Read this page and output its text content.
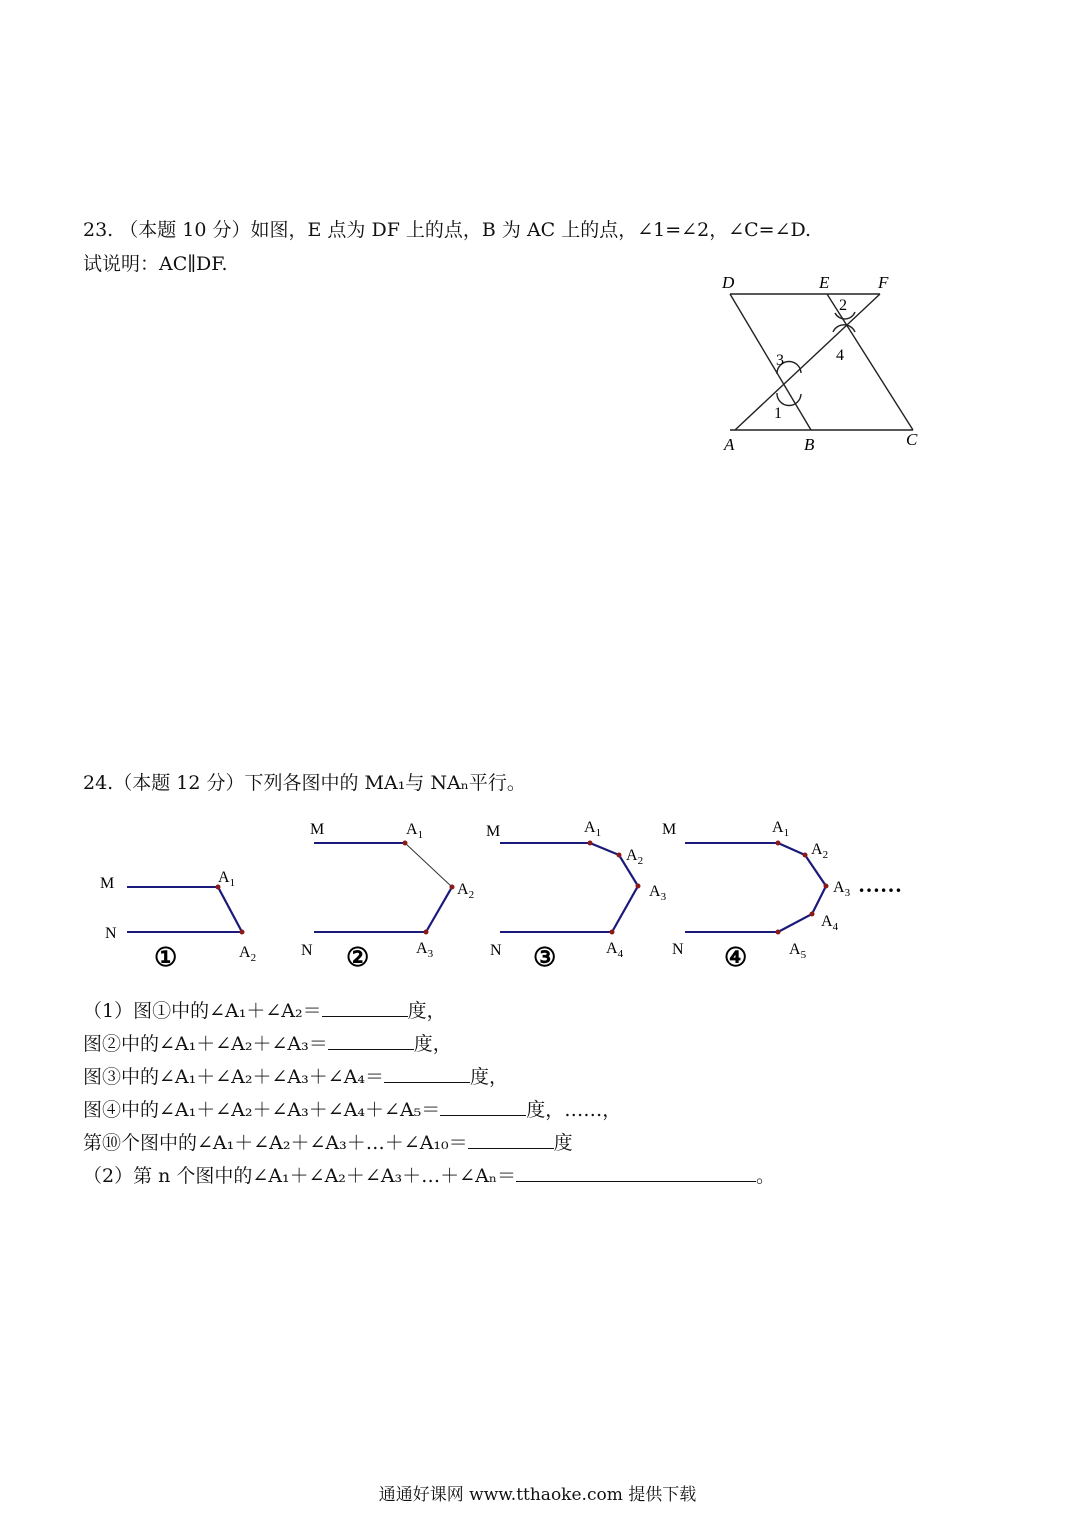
23. （本题 10 分）如图，E 点为 DF 上的点，B 为 AC 上的点，∠1=∠2，∠C=∠D.
试说明：AC∥DF.
D	E	F
A	B	C
1
2
3	4
24.（本题 12 分）下列各图中的 MA₁与 NAₙ平行。
M
N
$A_1$
$A_2$
①
M
N
$A_1$
$A_2$
$A_3$
②
M
N
$A_1$
$A_2$
$A_3$
$A_4$
③
M
N
$A_1$
$A_2$
$A_3$
$A_4$
$A_5$
……
④
（1）图①中的∠A₁＋∠A₂＝	度，
图②中的∠A₁＋∠A₂＋∠A₃＝	度，
图③中的∠A₁＋∠A₂＋∠A₃＋∠A₄＝	度，
图④中的∠A₁＋∠A₂＋∠A₃＋∠A₄＋∠A₅＝	度，……，
第⑩个图中的∠A₁＋∠A₂＋∠A₃＋…＋∠A₁₀＝	度
（2）第 n 个图中的∠A₁＋∠A₂＋∠A₃＋…＋∠Aₙ＝	。
通通好课网 www.tthaoke.com 提供下载
